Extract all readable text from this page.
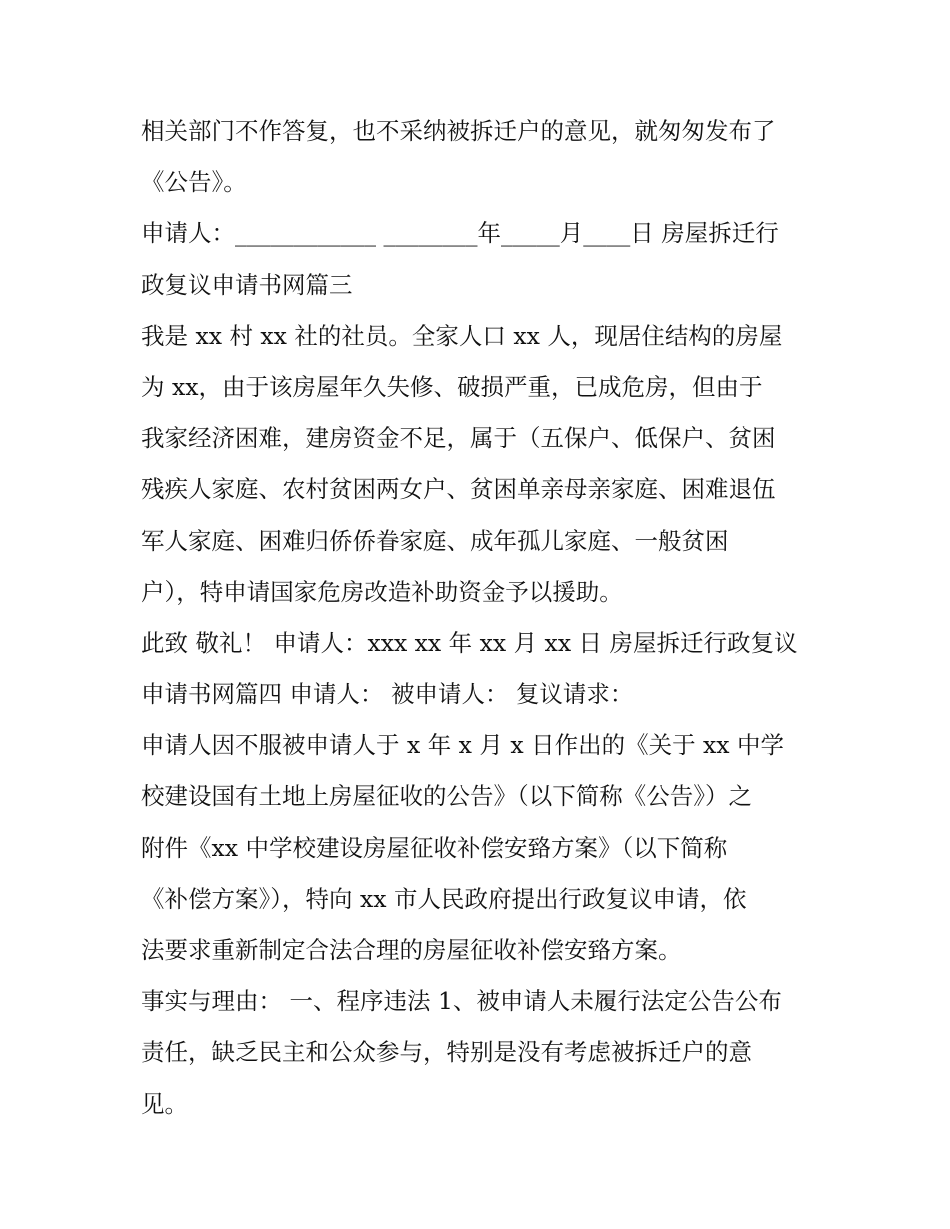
相关部门不作答复，也不采纳被拆迁户的意见，就匆匆发布了
《公告》。
申请人：____________ ________年_____月____日 房屋拆迁行
政复议申请书网篇三
我是 xx 村 xx 社的社员。全家人口 xx 人，现居住结构的房屋
为 xx，由于该房屋年久失修、破损严重，已成危房，但由于
我家经济困难，建房资金不足，属于（五保户、低保户、贫困
残疾人家庭、农村贫困两女户、贫困单亲母亲家庭、困难退伍
军人家庭、困难归侨侨眷家庭、成年孤儿家庭、一般贫困
户），特申请国家危房改造补助资金予以援助。
此致 敬礼！ 申请人：xxx xx 年 xx 月 xx 日 房屋拆迁行政复议
申请书网篇四 申请人： 被申请人： 复议请求：
申请人因不服被申请人于 x 年 x 月 x 日作出的《关于 xx 中学
校建设国有土地上房屋征收的公告》（以下简称《公告》）之
附件《xx 中学校建设房屋征收补偿安臵方案》（以下简称
《补偿方案》），特向 xx 市人民政府提出行政复议申请，依
法要求重新制定合法合理的房屋征收补偿安臵方案。
事实与理由： 一、程序违法 1、被申请人未履行法定公告公布
责任，缺乏民主和公众参与，特别是没有考虑被拆迁户的意
见。
